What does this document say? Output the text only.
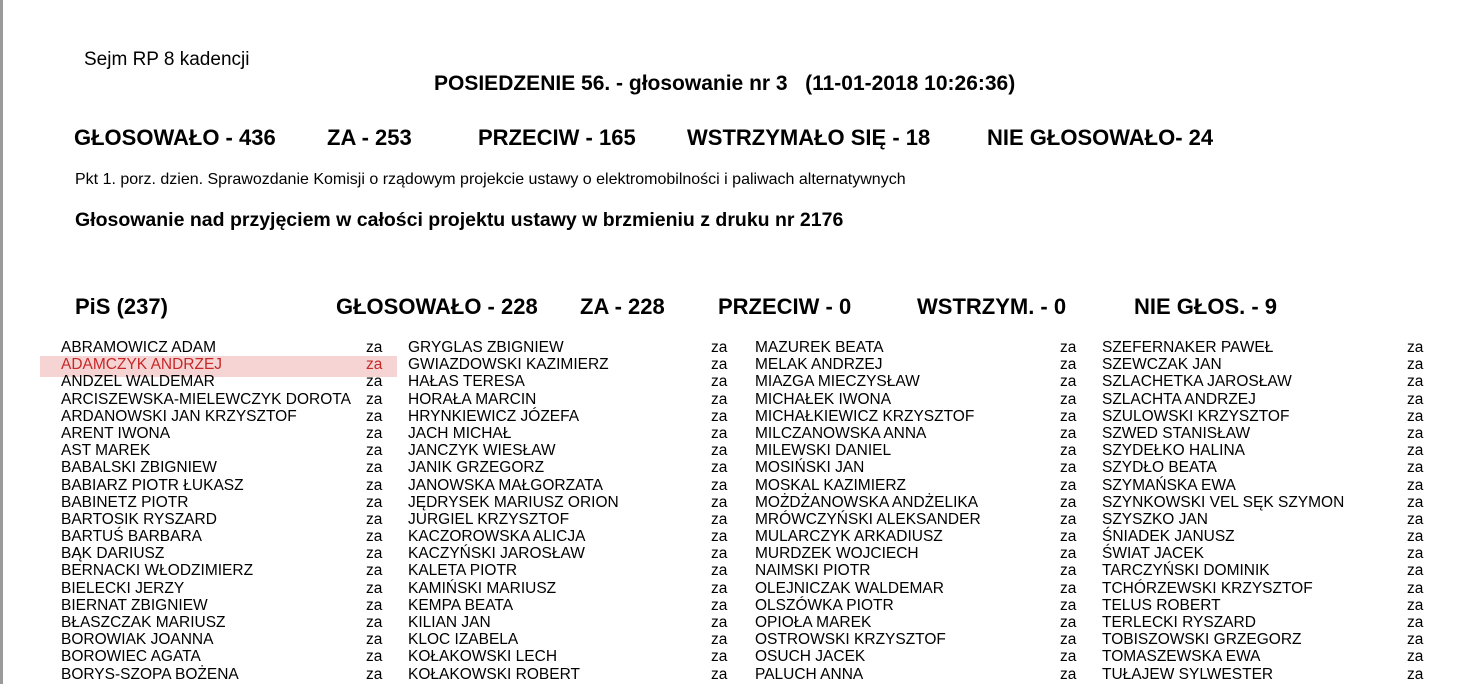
Sejm RP 8 kadencji
POSIEDZENIE 56. - głosowanie nr 3   (11-01-2018 10:26:36)
GŁOSOWAŁO - 436 ZA - 253	PRZECIW - 165 WSTRZYMAŁO SIĘ - 18	NIE GŁOSOWAŁO- 24
Pkt 1. porz. dzien. Sprawozdanie Komisji o rządowym projekcie ustawy o elektromobilności i paliwach alternatywnych
Głosowanie nad przyjęciem w całości projektu ustawy w brzmieniu z druku nr 2176
PiS (237)	GŁOSOWAŁO - 228 ZA - 228 PRZECIW - 0	WSTRZYM. - 0	NIE GŁOS. - 9
ABRAMOWICZ ADAM	za
ADAMCZYK ANDRZEJ	za
ANDZEL WALDEMAR	za
ARCISZEWSKA-MIELEWCZYK DOROTA za
ARDANOWSKI JAN KRZYSZTOF	za
ARENT IWONA	za
AST MAREK	za
BABALSKI ZBIGNIEW	za
BABIARZ PIOTR ŁUKASZ	za
BABINETZ PIOTR	za
BARTOSIK RYSZARD	za
BARTUŚ BARBARA	za
BĄK DARIUSZ	za
BERNACKI WŁODZIMIERZ	za
BIELECKI JERZY	za
BIERNAT ZBIGNIEW	za
BŁASZCZAK MARIUSZ	za
BOROWIAK JOANNA	za
BOROWIEC AGATA	za
BORYS-SZOPA BOŻENA	za
GRYGLAS ZBIGNIEW	za
GWIAZDOWSKI KAZIMIERZ	za
HAŁAS TERESA	za
HORAŁA MARCIN	za
HRYNKIEWICZ JÓZEFA	za
JACH MICHAŁ	za
JANCZYK WIESŁAW	za
JANIK GRZEGORZ	za
JANOWSKA MAŁGORZATA	za
JĘDRYSEK MARIUSZ ORION	za
JURGIEL KRZYSZTOF	za
KACZOROWSKA ALICJA	za
KACZYŃSKI JAROSŁAW	za
KALETA PIOTR	za
KAMIŃSKI MARIUSZ	za
KEMPA BEATA	za
KILIAN JAN	za
KLOC IZABELA	za
KOŁAKOWSKI LECH	za
KOŁAKOWSKI ROBERT	za
MAZUREK BEATA	za
MELAK ANDRZEJ	za
MIAZGA MIECZYSŁAW	za
MICHAŁEK IWONA	za
MICHAŁKIEWICZ KRZYSZTOF	za
MILCZANOWSKA ANNA	za
MILEWSKI DANIEL	za
MOSIŃSKI JAN	za
MOSKAL KAZIMIERZ	za
MOŻDŻANOWSKA ANDŻELIKA	za
MRÓWCZYŃSKI ALEKSANDER	za
MULARCZYK ARKADIUSZ	za
MURDZEK WOJCIECH	za
NAIMSKI PIOTR	za
OLEJNICZAK WALDEMAR	za
OLSZÓWKA PIOTR	za
OPIOŁA MAREK	za
OSTROWSKI KRZYSZTOF	za
OSUCH JACEK	za
PALUCH ANNA	za
SZEFERNAKER PAWEŁ	za
SZEWCZAK JAN	za
SZLACHETKA JAROSŁAW	za
SZLACHTA ANDRZEJ	za
SZULOWSKI KRZYSZTOF	za
SZWED STANISŁAW	za
SZYDEŁKO HALINA	za
SZYDŁO BEATA	za
SZYMAŃSKA EWA	za
SZYNKOWSKI VEL SĘK SZYMON	za
SZYSZKO JAN	za
ŚNIADEK JANUSZ	za
ŚWIAT JACEK	za
TARCZYŃSKI DOMINIK	za
TCHÓRZEWSKI KRZYSZTOF	za
TELUS ROBERT	za
TERLECKI RYSZARD	za
TOBISZOWSKI GRZEGORZ	za
TOMASZEWSKA EWA	za
TUŁAJEW SYLWESTER	za
